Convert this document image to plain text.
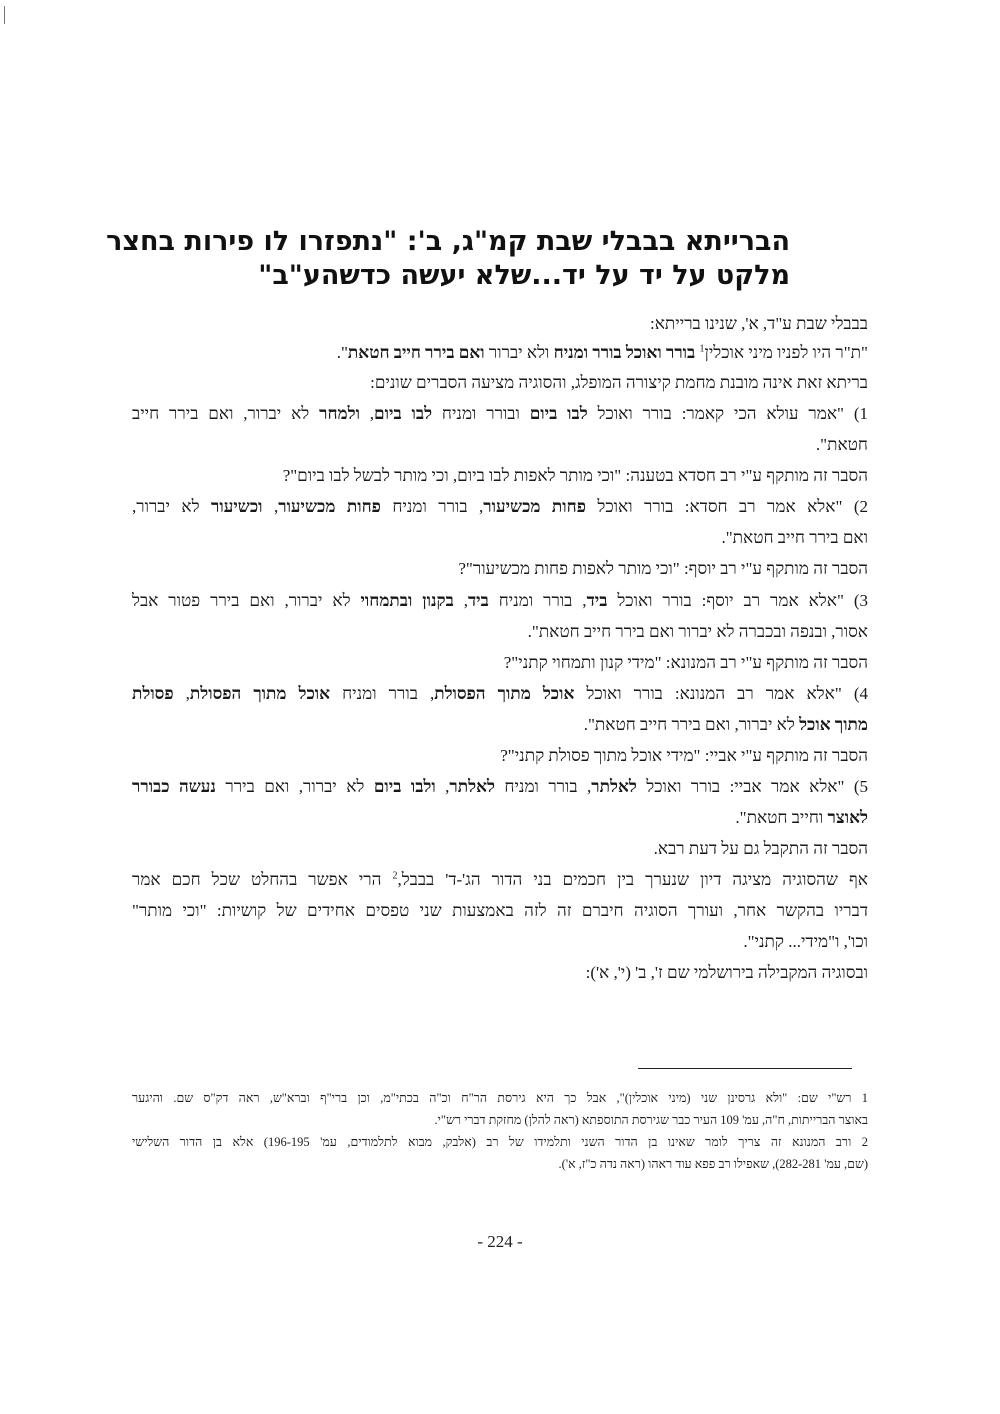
הברייתא בבבלי שבת קמ"ג, ב': "נתפזרו לו פירות בחצר
מלקט על יד על יד...שלא יעשה כדשהע"ב"
בבבלי שבת ע"ד, א', שנינו ברייתא:
"ת"ר היו לפניו מיני אוכלין$^1$ בורר ואוכל בורר ומניח ולא יברור ואם בירר חייב חטאת".
בריתא זאת אינה מובנת מחמת קיצורה המופלג, והסוגיה מציעה הסברים שונים:
1) "אמר עולא הכי קאמר: בורר ואוכל לבו ביום ובורר ומניח לבו ביום, ולמחר לא יברור, ואם בירר חייב
חטאת".
הסבר זה מותקף ע"י רב חסדא בטענה: "וכי מותר לאפות לבו ביום, וכי מותר לבשל לבו ביום"?
2) "אלא אמר רב חסדא: בורר ואוכל פחות מכשיעור, בורר ומניח פחות מכשיעור, וכשיעור לא יברור,
ואם בירר חייב חטאת".
הסבר זה מותקף ע"י רב יוסף: "וכי מותר לאפות פחות מכשיעור"?
3) "אלא אמר רב יוסף: בורר ואוכל ביד, בורר ומניח ביד, בקנון ובתמחוי לא יברור, ואם בירר פטור אבל
אסור, ובנפה ובכברה לא יברור ואם בירר חייב חטאת".
הסבר זה מותקף ע"י רב המנונא: "מידי קנון ותמחוי קתני"?
4) "אלא אמר רב המנונא: בורר ואוכל אוכל מתוך הפסולת, בורר ומניח אוכל מתוך הפסולת, פסולת
מתוך אוכל לא יברור, ואם בירר חייב חטאת".
הסבר זה מותקף ע"י אביי: "מידי אוכל מתוך פסולת קתני"?
5) "אלא אמר אביי: בורר ואוכל לאלתר, בורר ומניח לאלתר, ולבו ביום לא יברור, ואם בירר נעשה כבורר
לאוצר וחייב חטאת".
הסבר זה התקבל גם על דעת רבא.
אף שהסוגיה מציגה דיון שנערך בין חכמים בני הדור הג'-ד' בבבל,$^2$ הרי אפשר בהחלט שכל חכם אמר
דבריו בהקשר אחר, ועורך הסוגיה חיברם זה לזה באמצעות שני טפסים אחידים של קושיות: "וכי מותר"
וכו', ו"מידי... קתני".
ובסוגיה המקבילה בירושלמי שם ז', ב' (י', א'):
1 רש"י שם: "ולא גרסינן שני (מיני אוכלין)", אבל כך היא גירסת הר"ח וכ"ה בכתי"מ, וכן ברי"ף וברא"ש, ראה דק"ס שם. והיגער
באוצר הברייתות, ח"ה, עמ' 109 העיר כבר שגירסת התוספתא (ראה להלן) מחזקת דברי רש"י.
2 ורב המנונא זה צריך לומר שאינו בן הדור השני ותלמידו של רב (אלבק, מבוא לתלמודים, עמ' 196-195) אלא בן הדור השלישי
(שם, עמ' 282-281), שאפילו רב פפא עוד ראהו (ראה נדה כ"ז, א').
- 224 -
